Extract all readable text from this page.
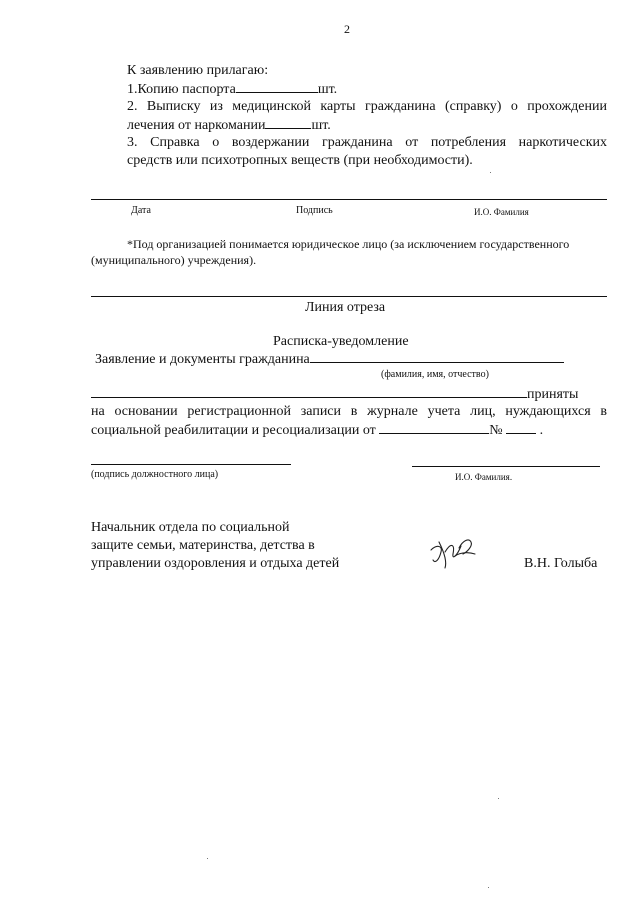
2
К заявлению прилагаю:
1.Копию паспорта	шт.
2. Выписку из медицинской карты гражданина (справку) о прохождении
лечения от наркомании	шт.
3. Справка о воздержании гражданина от потребления наркотических
средств или психотропных веществ (при необходимости).
Дата	Подпись	И.О. Фамилия
*Под организацией понимается юридическое лицо (за исключением государственного
(муниципального) учреждения).
Линия отреза
Расписка-уведомление
Заявление и документы гражданина
(фамилия, имя, отчество)
приняты
на основании регистрационной записи в журнале учета лиц, нуждающихся в
социальной реабилитации и ресоциализации от	№	.
(подпись должностного лица)	И.О. Фамилия.
Начальник отдела по социальной
защите семьи, материнства, детства в
управлении оздоровления и отдыха детей	В.Н. Голыба
